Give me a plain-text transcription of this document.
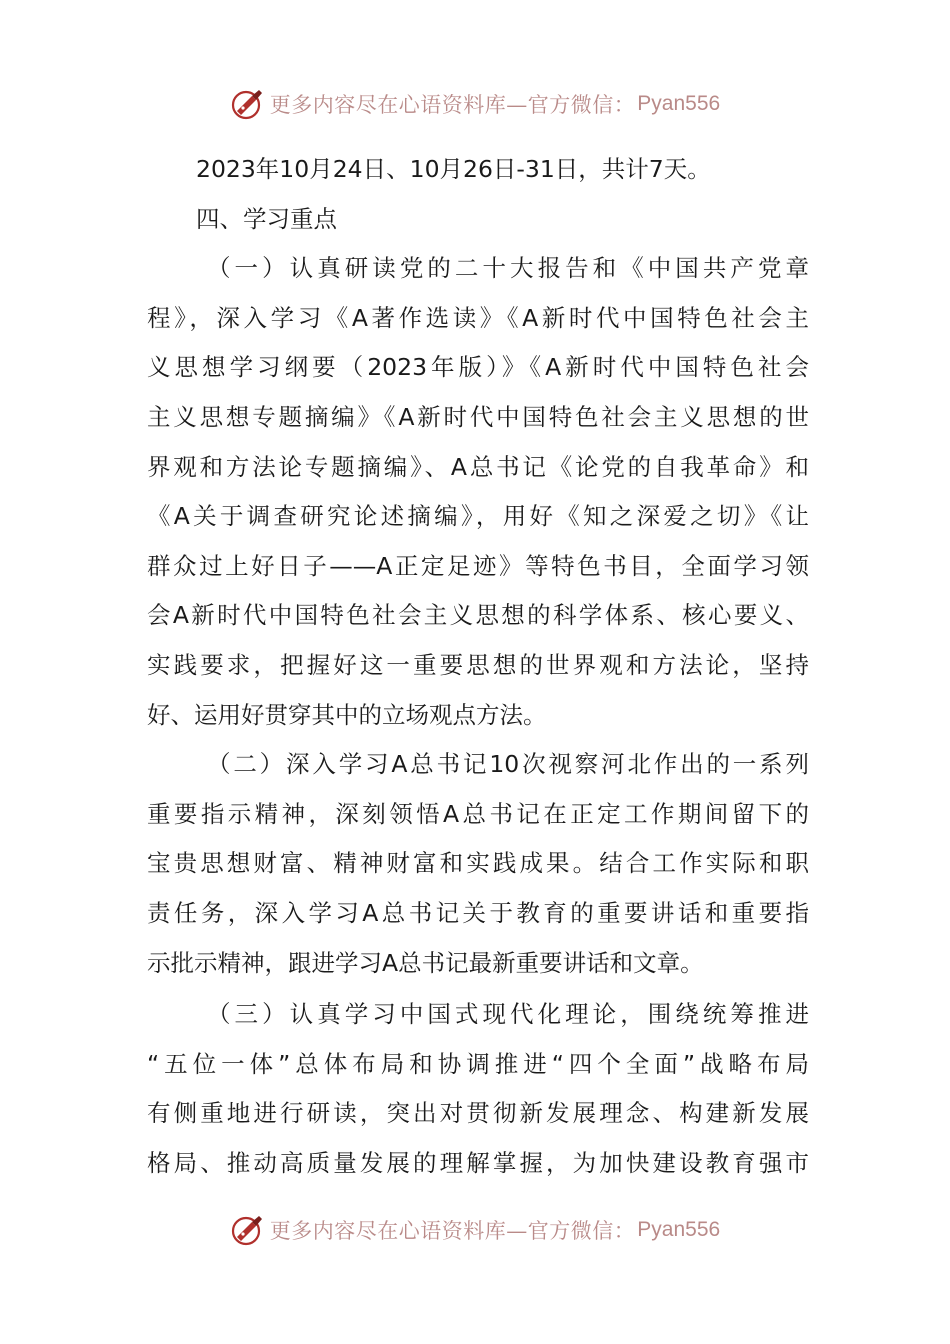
更多内容尽在心语资料库—官方微信： Pyan556
2023年10月24日、10月26日-31日，共计7天。
四、学习重点
（一）认真研读党的二十大报告和《中国共产党章
程》，深入学习《A著作选读》《A新时代中国特色社会主
义思想学习纲要（2023年版）》《A新时代中国特色社会
主义思想专题摘编》《A新时代中国特色社会主义思想的世
界观和方法论专题摘编》、A总书记《论党的自我革命》和
《A关于调查研究论述摘编》，用好《知之深爱之切》《让
群众过上好日子——A正定足迹》等特色书目，全面学习领
会A新时代中国特色社会主义思想的科学体系、核心要义、
实践要求，把握好这一重要思想的世界观和方法论，坚持
好、运用好贯穿其中的立场观点方法。
（二）深入学习A总书记10次视察河北作出的一系列
重要指示精神，深刻领悟A总书记在正定工作期间留下的
宝贵思想财富、精神财富和实践成果。结合工作实际和职
责任务，深入学习A总书记关于教育的重要讲话和重要指
示批示精神，跟进学习A总书记最新重要讲话和文章。
（三）认真学习中国式现代化理论，围绕统筹推进
“五位一体”总体布局和协调推进“四个全面”战略布局
有侧重地进行研读，突出对贯彻新发展理念、构建新发展
格局、推动高质量发展的理解掌握，为加快建设教育强市
更多内容尽在心语资料库—官方微信： Pyan556
